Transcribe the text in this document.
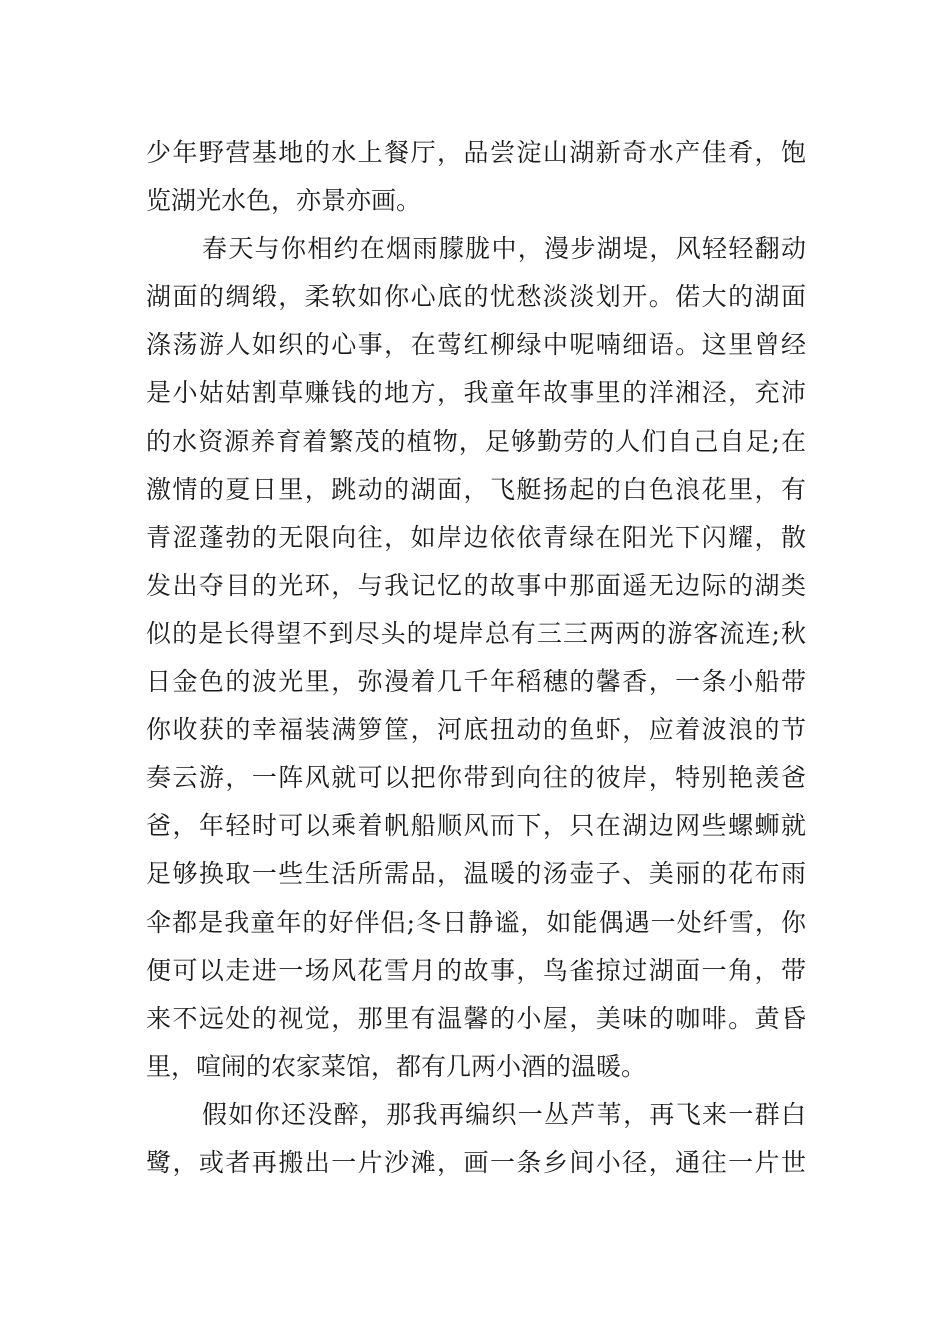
少年野营基地的水上餐厅，品尝淀山湖新奇水产佳肴，饱
览湖光水色，亦景亦画。
春天与你相约在烟雨朦胧中，漫步湖堤，风轻轻翻动
湖面的绸缎，柔软如你心底的忧愁淡淡划开。偌大的湖面
涤荡游人如织的心事，在莺红柳绿中呢喃细语。这里曾经
是小姑姑割草赚钱的地方，我童年故事里的洋湘泾，充沛
的水资源养育着繁茂的植物，足够勤劳的人们自己自足;在
激情的夏日里，跳动的湖面，飞艇扬起的白色浪花里，有
青涩蓬勃的无限向往，如岸边依依青绿在阳光下闪耀，散
发出夺目的光环，与我记忆的故事中那面遥无边际的湖类
似的是长得望不到尽头的堤岸总有三三两两的游客流连;秋
日金色的波光里，弥漫着几千年稻穗的馨香，一条小船带
你收获的幸福装满箩筐，河底扭动的鱼虾，应着波浪的节
奏云游，一阵风就可以把你带到向往的彼岸，特别艳羡爸
爸，年轻时可以乘着帆船顺风而下，只在湖边网些螺蛳就
足够换取一些生活所需品，温暖的汤壶子、美丽的花布雨
伞都是我童年的好伴侣;冬日静谧，如能偶遇一处纤雪，你
便可以走进一场风花雪月的故事，鸟雀掠过湖面一角，带
来不远处的视觉，那里有温馨的小屋，美味的咖啡。黄昏
里，喧闹的农家菜馆，都有几两小酒的温暖。
假如你还没醉，那我再编织一丛芦苇，再飞来一群白
鹭，或者再搬出一片沙滩，画一条乡间小径，通往一片世
